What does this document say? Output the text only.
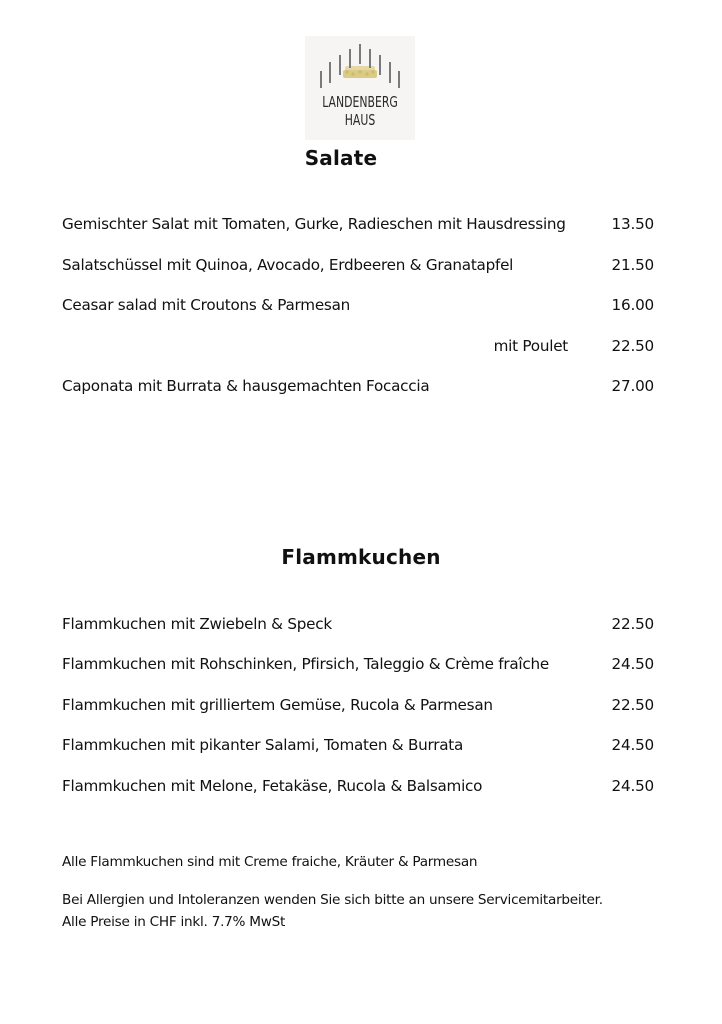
LANDENBERG
HAUS
Salate
Gemischter Salat mit Tomaten, Gurke, Radieschen mit Hausdressing	13.50
Salatschüssel mit Quinoa, Avocado, Erdbeeren & Granatapfel	21.50
Ceasar salad mit Croutons & Parmesan	16.00
mit Poulet	22.50
Caponata mit Burrata & hausgemachten Focaccia	27.00
Flammkuchen
Flammkuchen mit Zwiebeln & Speck	22.50
Flammkuchen mit Rohschinken, Pfirsich, Taleggio & Crème fraîche	24.50
Flammkuchen mit grilliertem Gemüse, Rucola & Parmesan	22.50
Flammkuchen mit pikanter Salami, Tomaten & Burrata	24.50
Flammkuchen mit Melone, Fetakäse, Rucola & Balsamico	24.50
Alle Flammkuchen sind mit Creme fraiche, Kräuter & Parmesan
Bei Allergien und Intoleranzen wenden Sie sich bitte an unsere Servicemitarbeiter.
Alle Preise in CHF inkl. 7.7% MwSt
